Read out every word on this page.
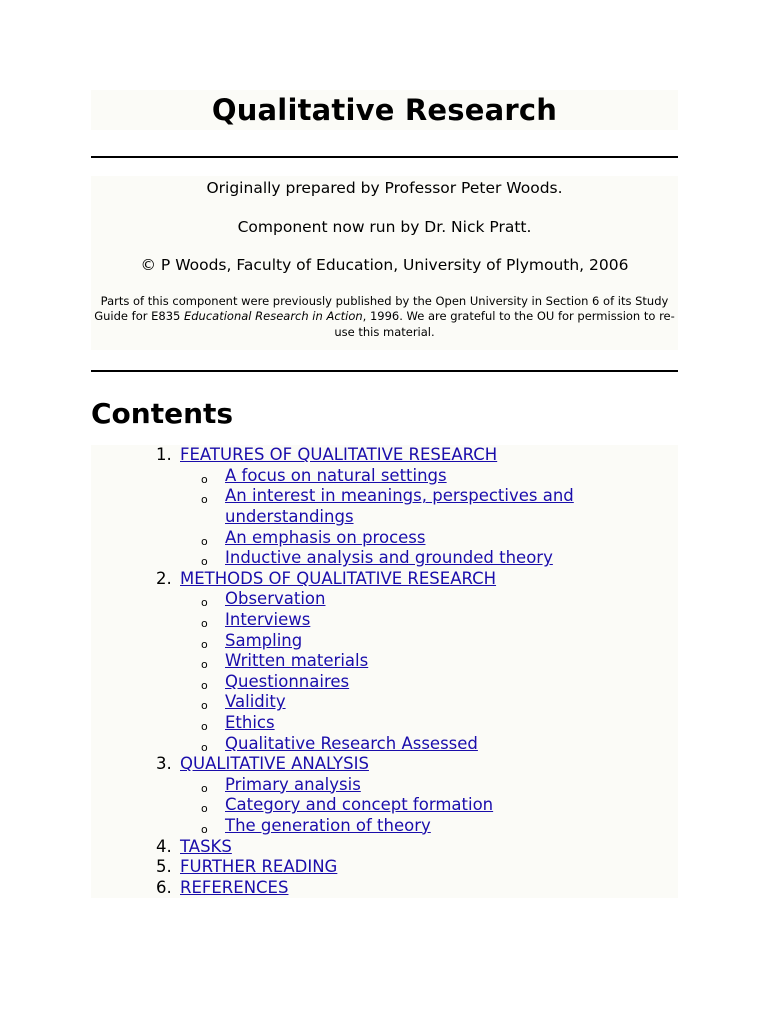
Qualitative Research

Originally prepared by Professor Peter Woods.

Component now run by Dr. Nick Pratt.

© P Woods, Faculty of Education, University of Plymouth, 2006

Parts of this component were previously published by the Open University in Section 6 of its Study Guide for E835 Educational Research in Action, 1996. We are grateful to the OU for permission to re-use this material.

Contents
1. FEATURES OF QUALITATIVE RESEARCH
o A focus on natural settings
o An interest in meanings, perspectives and understandings
o An emphasis on process
o Inductive analysis and grounded theory
2. METHODS OF QUALITATIVE RESEARCH
o Observation
o Interviews
o Sampling
o Written materials
o Questionnaires
o Validity
o Ethics
o Qualitative Research Assessed
3. QUALITATIVE ANALYSIS
o Primary analysis
o Category and concept formation
o The generation of theory
4. TASKS
5. FURTHER READING
6. REFERENCES
